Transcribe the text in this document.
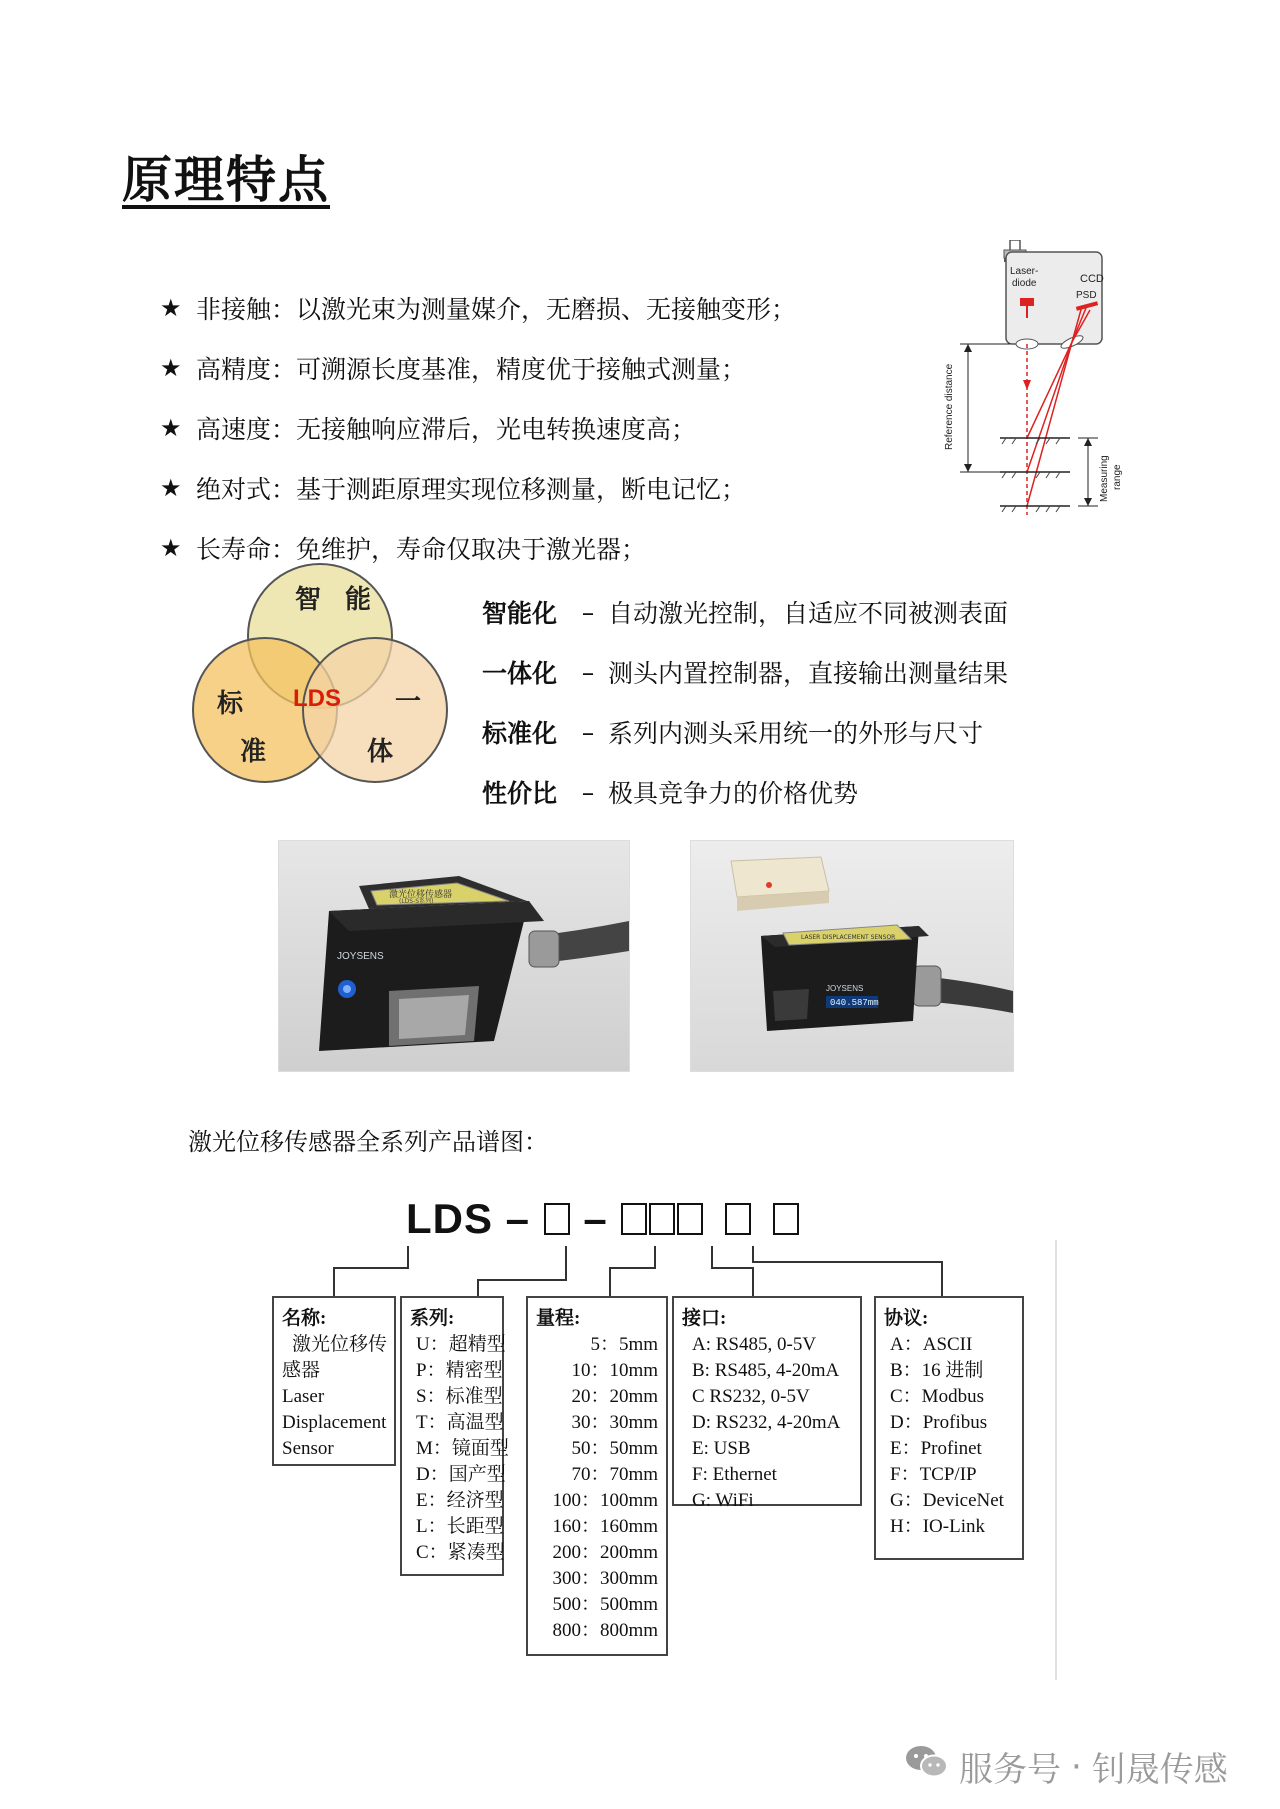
原理特点
★ 非接触：以激光束为测量媒介，无磨损、无接触变形；
★ 高精度：可溯源长度基准，精度优于接触式测量；
★ 高速度：无接触响应滞后，光电转换速度高；
★ 绝对式：基于测距原理实现位移测量，断电记忆；
★ 长寿命：免维护，寿命仅取决于激光器；
Laser-
diode	CCD
PSD
Reference distance
Measuring range
智 能
标
准
一
体
LDS
智能化 – 自动激光控制，自适应不同被测表面
一体化 – 测头内置控制器，直接输出测量结果
标准化 – 系列内测头采用统一的外形与尺寸
性价比 – 极具竞争力的价格优势
激光位移传感器
(LDS-S系列)
JOYSENS
LASER DISPLACEMENT SENSOR
JOYSENS
040.587mm
激光位移传感器全系列产品谱图：
LDS – –
名称:
激光位移传
感器
Laser
Displacement
Sensor
系列:
U：超精型
P：精密型
S：标准型
T：高温型
M：镜面型
D：国产型
E：经济型
L：长距型
C：紧凑型
量程:
5：5mm
10：10mm
20：20mm
30：30mm
50：50mm
70：70mm
100：100mm
160：160mm
200：200mm
300：300mm
500：500mm
800：800mm
接口:
A: RS485, 0-5V
B: RS485, 4-20mA
C RS232, 0-5V
D: RS232, 4-20mA
E: USB
F: Ethernet
G: WiFi
协议:
A：ASCII
B：16 进制
C：Modbus
D：Profibus
E：Profinet
F：TCP/IP
G：DeviceNet
H：IO-Link
服务号 · 钊晟传感
